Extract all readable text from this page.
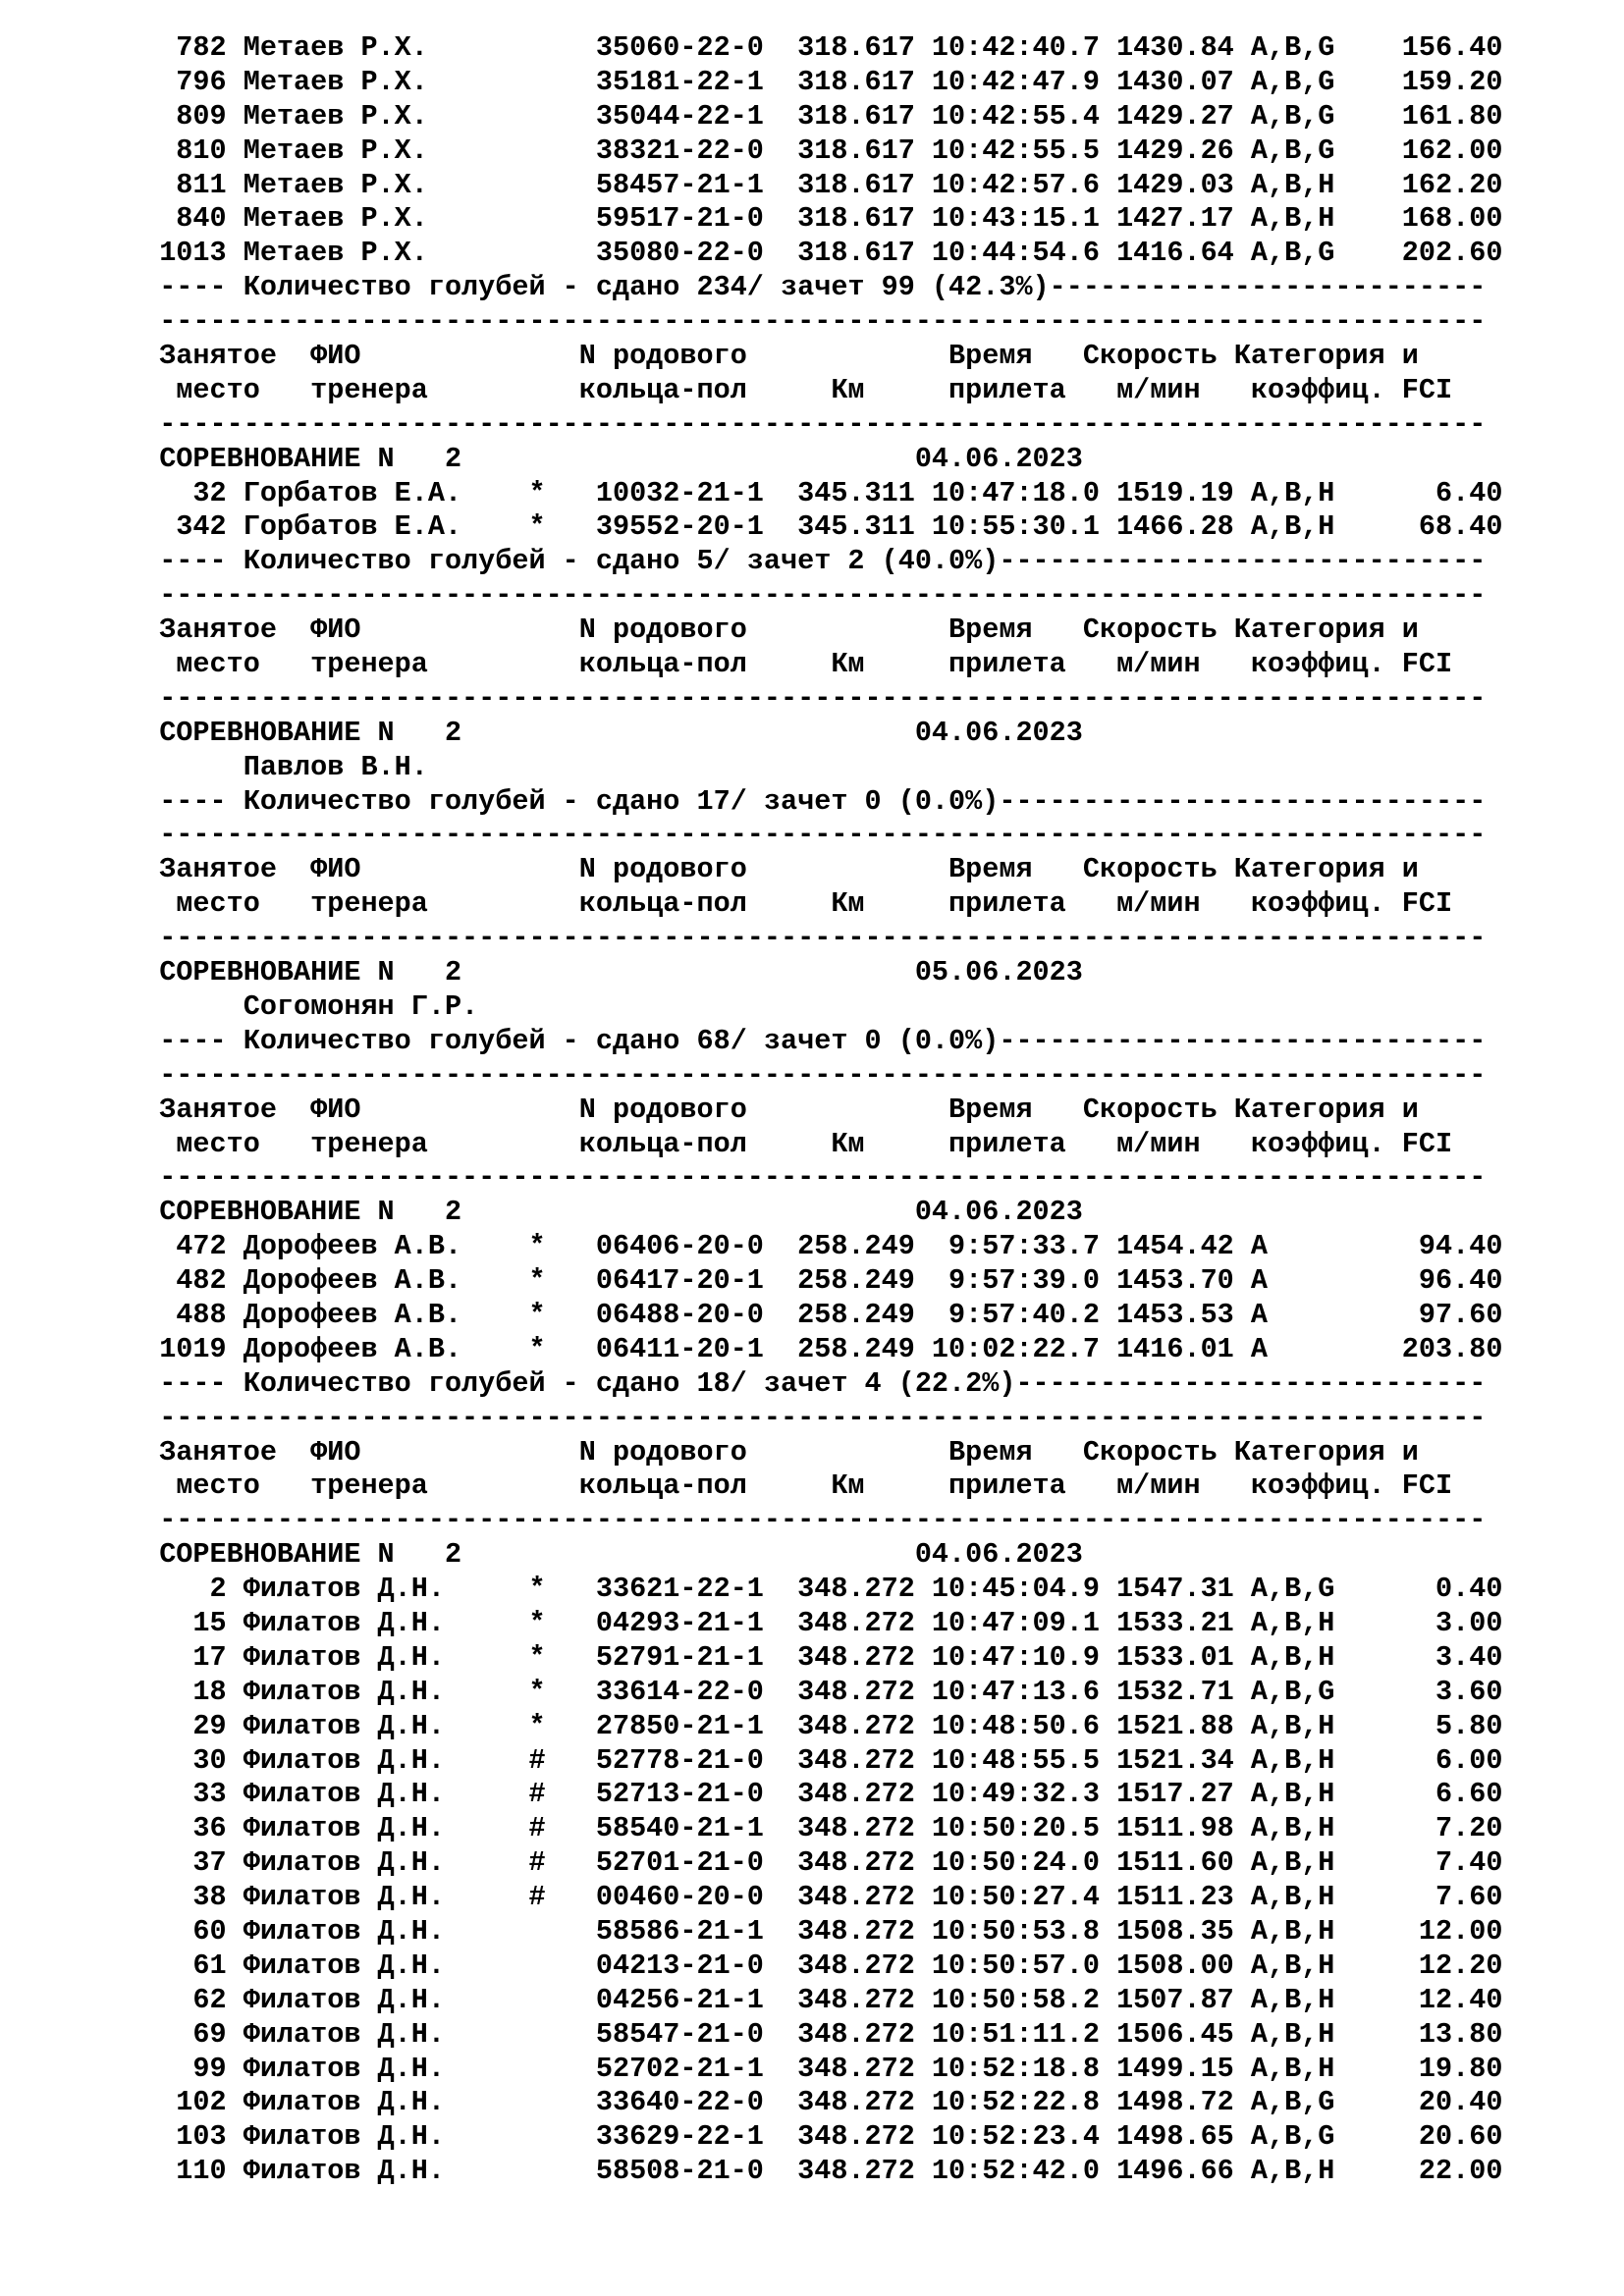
782 Метаев Р.Х.          35060-22-0  318.617 10:42:40.7 1430.84 A,B,G    156.40
796 Метаев Р.Х.          35181-22-1  318.617 10:42:47.9 1430.07 A,B,G    159.20
809 Метаев Р.Х.          35044-22-1  318.617 10:42:55.4 1429.27 A,B,G    161.80
810 Метаев Р.Х.          38321-22-0  318.617 10:42:55.5 1429.26 A,B,G    162.00
811 Метаев Р.Х.          58457-21-1  318.617 10:42:57.6 1429.03 A,B,H    162.20
840 Метаев Р.Х.          59517-21-0  318.617 10:43:15.1 1427.17 A,B,H    168.00
1013 Метаев Р.Х.          35080-22-0  318.617 10:44:54.6 1416.64 A,B,G    202.60
---- Количество голубей - сдано 234/ зачет 99 (42.3%)--------------------------
-------------------------------------------------------------------------------
Занятое  ФИО             N родового            Время   Скорость Категория и
место   тренера         кольца-пол     Км     прилета   м/мин   коэффиц. FCI
-------------------------------------------------------------------------------
СОРЕВНОВАНИЕ N   2                           04.06.2023
32 Горбатов Е.А.    *   10032-21-1  345.311 10:47:18.0 1519.19 A,B,H      6.40
342 Горбатов Е.А.    *   39552-20-1  345.311 10:55:30.1 1466.28 A,B,H     68.40
---- Количество голубей - сдано 5/ зачет 2 (40.0%)-----------------------------
-------------------------------------------------------------------------------
Занятое  ФИО             N родового            Время   Скорость Категория и
место   тренера         кольца-пол     Км     прилета   м/мин   коэффиц. FCI
-------------------------------------------------------------------------------
СОРЕВНОВАНИЕ N   2                           04.06.2023
Павлов В.Н.
---- Количество голубей - сдано 17/ зачет 0 (0.0%)-----------------------------
-------------------------------------------------------------------------------
Занятое  ФИО             N родового            Время   Скорость Категория и
место   тренера         кольца-пол     Км     прилета   м/мин   коэффиц. FCI
-------------------------------------------------------------------------------
СОРЕВНОВАНИЕ N   2                           05.06.2023
Согомонян Г.Р.
---- Количество голубей - сдано 68/ зачет 0 (0.0%)-----------------------------
-------------------------------------------------------------------------------
Занятое  ФИО             N родового            Время   Скорость Категория и
место   тренера         кольца-пол     Км     прилета   м/мин   коэффиц. FCI
-------------------------------------------------------------------------------
СОРЕВНОВАНИЕ N   2                           04.06.2023
472 Дорофеев А.В.    *   06406-20-0  258.249  9:57:33.7 1454.42 A         94.40
482 Дорофеев А.В.    *   06417-20-1  258.249  9:57:39.0 1453.70 A         96.40
488 Дорофеев А.В.    *   06488-20-0  258.249  9:57:40.2 1453.53 A         97.60
1019 Дорофеев А.В.    *   06411-20-1  258.249 10:02:22.7 1416.01 A        203.80
---- Количество голубей - сдано 18/ зачет 4 (22.2%)----------------------------
-------------------------------------------------------------------------------
Занятое  ФИО             N родового            Время   Скорость Категория и
место   тренера         кольца-пол     Км     прилета   м/мин   коэффиц. FCI
-------------------------------------------------------------------------------
СОРЕВНОВАНИЕ N   2                           04.06.2023
2 Филатов Д.Н.     *   33621-22-1  348.272 10:45:04.9 1547.31 A,B,G      0.40
15 Филатов Д.Н.     *   04293-21-1  348.272 10:47:09.1 1533.21 A,B,H      3.00
17 Филатов Д.Н.     *   52791-21-1  348.272 10:47:10.9 1533.01 A,B,H      3.40
18 Филатов Д.Н.     *   33614-22-0  348.272 10:47:13.6 1532.71 A,B,G      3.60
29 Филатов Д.Н.     *   27850-21-1  348.272 10:48:50.6 1521.88 A,B,H      5.80
30 Филатов Д.Н.     #   52778-21-0  348.272 10:48:55.5 1521.34 A,B,H      6.00
33 Филатов Д.Н.     #   52713-21-0  348.272 10:49:32.3 1517.27 A,B,H      6.60
36 Филатов Д.Н.     #   58540-21-1  348.272 10:50:20.5 1511.98 A,B,H      7.20
37 Филатов Д.Н.     #   52701-21-0  348.272 10:50:24.0 1511.60 A,B,H      7.40
38 Филатов Д.Н.     #   00460-20-0  348.272 10:50:27.4 1511.23 A,B,H      7.60
60 Филатов Д.Н.         58586-21-1  348.272 10:50:53.8 1508.35 A,B,H     12.00
61 Филатов Д.Н.         04213-21-0  348.272 10:50:57.0 1508.00 A,B,H     12.20
62 Филатов Д.Н.         04256-21-1  348.272 10:50:58.2 1507.87 A,B,H     12.40
69 Филатов Д.Н.         58547-21-0  348.272 10:51:11.2 1506.45 A,B,H     13.80
99 Филатов Д.Н.         52702-21-1  348.272 10:52:18.8 1499.15 A,B,H     19.80
102 Филатов Д.Н.         33640-22-0  348.272 10:52:22.8 1498.72 A,B,G     20.40
103 Филатов Д.Н.         33629-22-1  348.272 10:52:23.4 1498.65 A,B,G     20.60
110 Филатов Д.Н.         58508-21-0  348.272 10:52:42.0 1496.66 A,B,H     22.00
